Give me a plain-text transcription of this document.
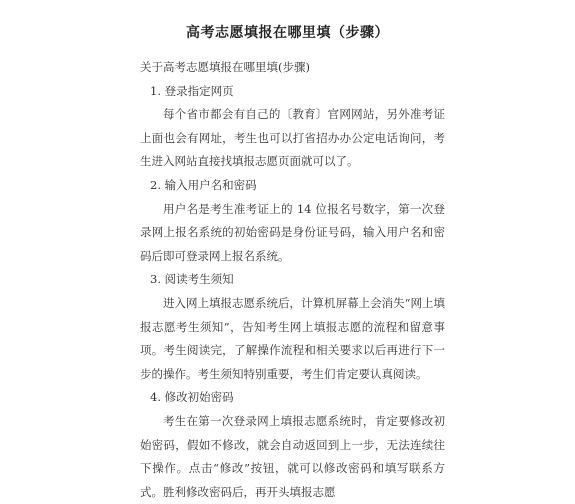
高考志愿填报在哪里填（步骤）

关于高考志愿填报在哪里填(步骤)

1. 登录指定网页

每个省市都会有自己的〔教育〕官网网站，另外准考证上面也会有网址，考生也可以打省招办办公定电话询问，考生进入网站直接找填报志愿页面就可以了。

2. 输入用户名和密码

用户名是考生准考证上的 14 位报名号数字，第一次登录网上报名系统的初始密码是身份证号码，输入用户名和密码后即可登录网上报名系统。

3. 阅读考生须知

进入网上填报志愿系统后，计算机屏幕上会消失“网上填报志愿考生须知”，告知考生网上填报志愿的流程和留意事项。考生阅读完，了解操作流程和相关要求以后再进行下一步的操作。考生须知特别重要，考生们肯定要认真阅读。

4. 修改初始密码

考生在第一次登录网上填报志愿系统时，肯定要修改初始密码，假如不修改，就会自动返回到上一步，无法连续往下操作。点击“修改”按钮，就可以修改密码和填写联系方式。胜利修改密码后，再开头填报志愿
